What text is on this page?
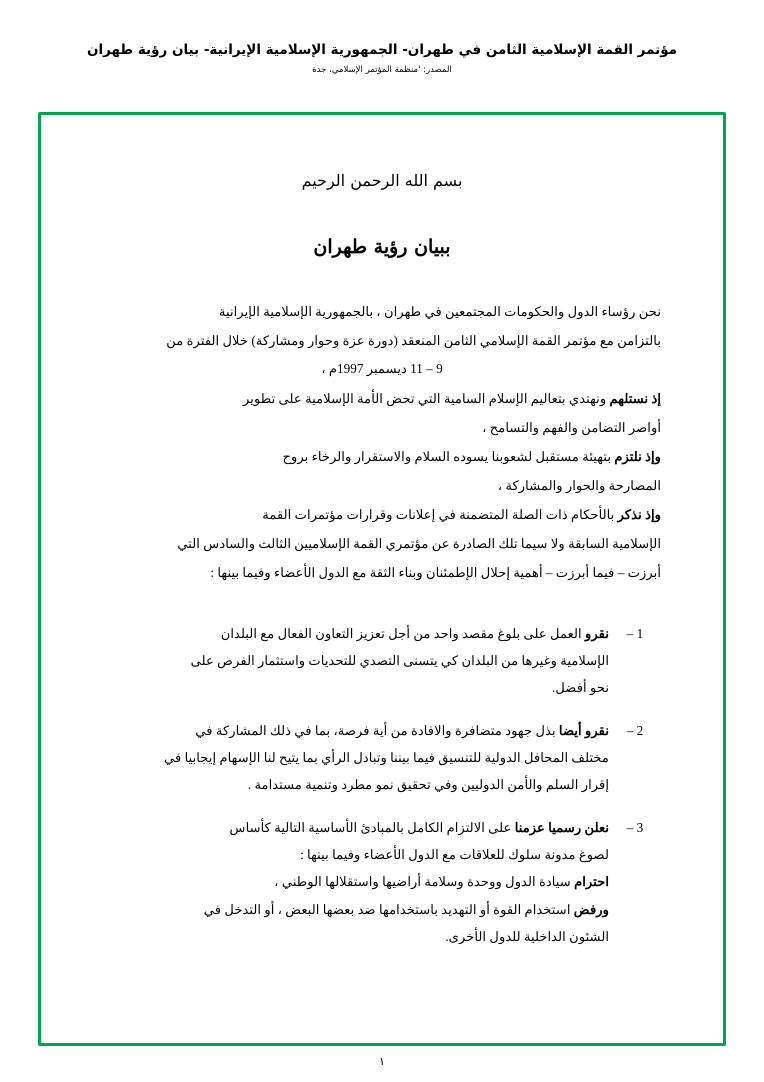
مؤتمر القمة الإسلامية الثامن في طهران- الجمهورية الإسلامية الإيرانية- بيان رؤية طهران
المصدر: 'منظمة المؤتمر الإسلامي، جدة
بسم الله الرحمن الرحيم
ببيان رؤية طهران

نحن رؤساء الدول والحكومات المجتمعين في طهران ، بالجمهورية الإسلامية الإيرانية

بالتزامن مع مؤتمر القمة الإسلامي الثامن المنعقد (دورة عزة وحوار ومشاركة) خلال الفترة من

9 – 11 ديسمبر 1997م ،

إذ نستلهم ونهتدي بتعاليم الإسلام السامية التي تحض الأمة الإسلامية على تطوير

أواصر التضامن والفهم والتسامح ،

وإذ نلتزم بتهيئة مستقبل لشعوبنا يسوده السلام والاستقرار والرخاء بروح

المصارحة والحوار والمشاركة ،

وإذ نذكر بالأحكام ذات الصلة المتضمنة في إعلانات وقرارات مؤتمرات القمة

الإسلامية السابقة ولا سيما تلك الصادرة عن مؤتمري القمة الإسلاميين الثالث والسادس التي

أبرزت – فيما أبرزت – أهمية إحلال الإطمئنان وبناء الثقة مع الدول الأعضاء وفيما بينها :

1 –
نقرو العمل على بلوغ مقصد واحد من أجل تعزيز التعاون الفعال مع البلدان
الإسلامية وغيرها من البلدان كي يتسنى التصدي للتحديات واستثمار الفرص على
نحو أفضل.
2 –
نقرو أيضا بذل جهود متضافرة والافادة من أية فرصة، بما في ذلك المشاركة في
مختلف المحافل الدولية للتنسيق فيما بيننا وتبادل الرأي بما يتيح لنا الإسهام إيجابيا في
إقرار السلم والأمن الدوليين وفي تحقيق نمو مطرد وتنمية مستدامة .
3 –
نعلن رسميا عزمنا على الالتزام الكامل بالمبادئ الأساسية التالية كأساس
لصوغ مدونة سلوك للعلاقات مع الدول الأعضاء وفيما بينها :
احترام سيادة الدول ووحدة وسلامة أراضيها واستقلالها الوطني ،
ورفض استخدام القوة أو التهديد باستخدامها ضد بعضها البعض ، أو التدخل في
الشئون الداخلية للدول الأخرى.
١
